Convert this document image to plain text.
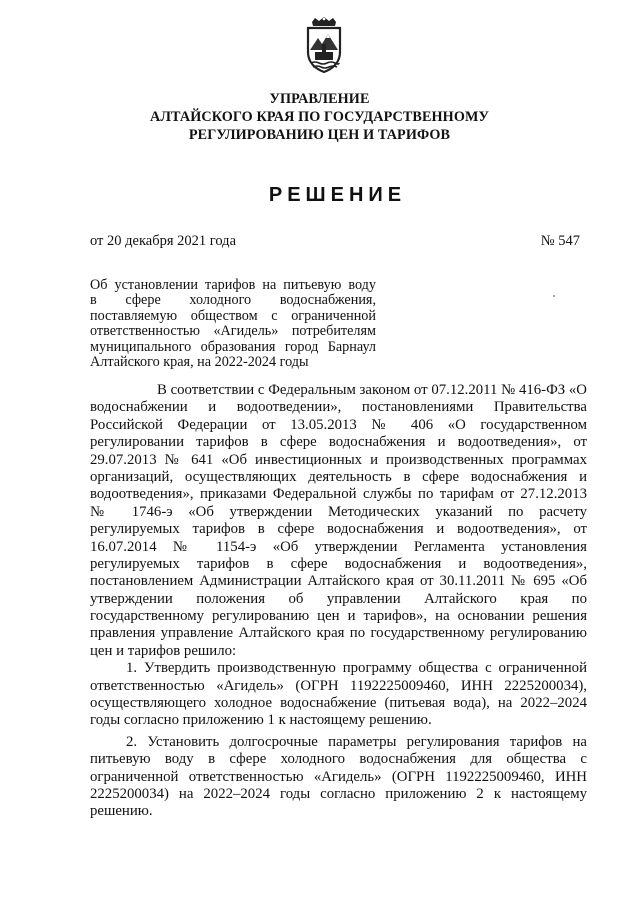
УПРАВЛЕНИЕ
АЛТАЙСКОГО КРАЯ ПО ГОСУДАРСТВЕННОМУ
РЕГУЛИРОВАНИЮ ЦЕН И ТАРИФОВ
РЕШЕНИЕ
от 20 декабря 2021 года	№ 547
Об установлении тарифов на питьевую воду
в сфере холодного водоснабжения,
поставляемую обществом с ограниченной
ответственностью «Агидель» потребителям
муниципального образования город Барнаул
Алтайского края, на 2022-2024 годы
В соответствии с Федеральным законом от 07.12.2011 № 416-ФЗ «О
водоснабжении и водоотведении», постановлениями Правительства
Российской Федерации от 13.05.2013 № 406 «О государственном
регулировании тарифов в сфере водоснабжения и водоотведения», от
29.07.2013 № 641 «Об инвестиционных и производственных программах
организаций, осуществляющих деятельность в сфере водоснабжения и
водоотведения», приказами Федеральной службы по тарифам от 27.12.2013
№ 1746-э «Об утверждении Методических указаний по расчету
регулируемых тарифов в сфере водоснабжения и водоотведения», от
16.07.2014 № 1154-э «Об утверждении Регламента установления
регулируемых тарифов в сфере водоснабжения и водоотведения»,
постановлением Администрации Алтайского края от 30.11.2011 № 695 «Об
утверждении положения об управлении Алтайского края по
государственному регулированию цен и тарифов», на основании решения
правления управление Алтайского края по государственному регулированию
цен и тарифов решило:
1. Утвердить производственную программу общества с ограниченной
ответственностью «Агидель» (ОГРН 1192225009460, ИНН 2225200034),
осуществляющего холодное водоснабжение (питьевая вода), на 2022–2024
годы согласно приложению 1 к настоящему решению.
2. Установить долгосрочные параметры регулирования тарифов на
питьевую воду в сфере холодного водоснабжения для общества с
ограниченной ответственностью «Агидель» (ОГРН 1192225009460, ИНН
2225200034) на 2022–2024 годы согласно приложению 2 к настоящему
решению.
